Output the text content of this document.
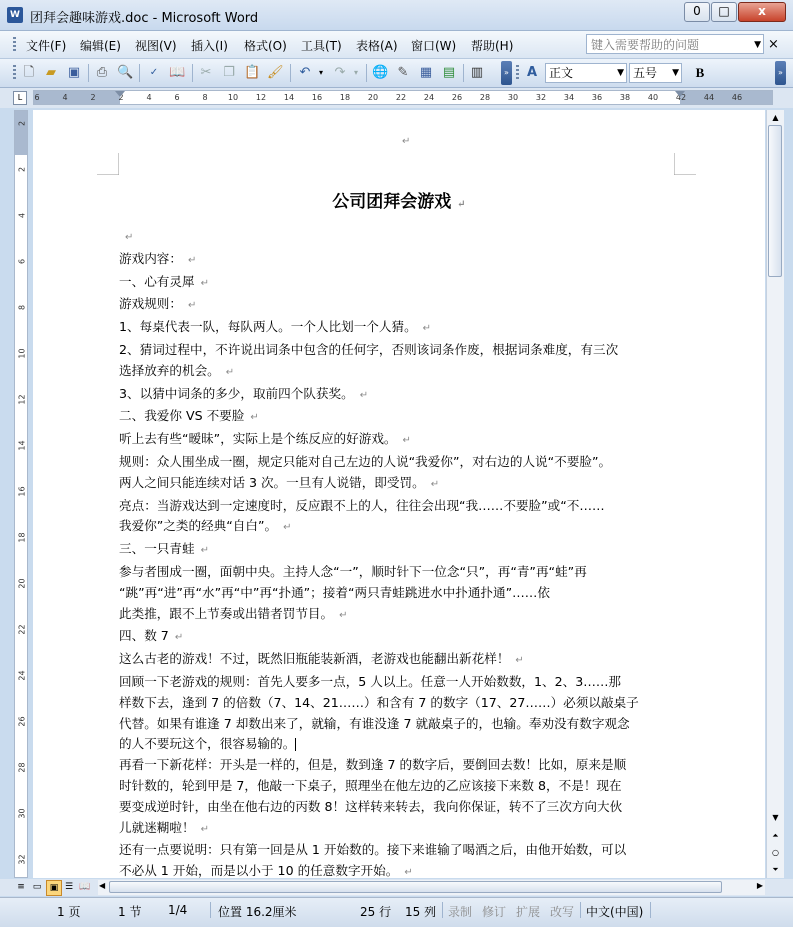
W 团拜会趣味游戏.doc - Microsoft Word	0	□	x
文件(F) 编辑(E) 视图(V) 插入(I) 格式(O) 工具(T) 表格(A) 窗口(W) 帮助(H)	键入需要帮助的问题	▼ ×
🗋 ▰ ▣ ⎙ 🔍	✓ 📖 ✂ ❐ 📋 🖌 ↶	▾ ↷	▾	🌐 ✎ ▦ ▤ ▥	» A 正文	▼ 五号 ▼ B	»
L	6	4	2	2	4	6	8	10 12 14 16 18 20 22 24 26 28 30 32 34 36 38 40 42 44 46
2
2
4
6
8
10
12
14
16
18
20
22
24
26
28
30
32
↵
公司团拜会游戏 ↵
↵
游戏内容： ↵
一、心有灵犀 ↵
游戏规则： ↵
1、每桌代表一队，每队两人。一个人比划一个人猜。 ↵
2、猜词过程中，不许说出词条中包含的任何字，否则该词条作废，根据词条难度，有三次
选择放弃的机会。 ↵
3、以猜中词条的多少，取前四个队获奖。 ↵
二、我爱你 VS 不要脸 ↵
听上去有些“暧昧”，实际上是个练反应的好游戏。 ↵
规则：众人围坐成一圈，规定只能对自己左边的人说“我爱你”，对右边的人说“不要脸”。
两人之间只能连续对话 3 次。一旦有人说错，即受罚。 ↵
亮点：当游戏达到一定速度时，反应跟不上的人，往往会出现“我……不要脸”或“不……
我爱你”之类的经典“自白”。 ↵
三、一只青蛙 ↵
参与者围成一圈，面朝中央。主持人念“一”，顺时针下一位念“只”，再“青”再“蛙”再
“跳”再“进”再“水”再“中”再“扑通”；接着“两只青蛙跳进水中扑通扑通”……依
此类推，跟不上节奏或出错者罚节目。 ↵
四、数 7 ↵
这么古老的游戏！不过，既然旧瓶能装新酒，老游戏也能翻出新花样！ ↵
回顾一下老游戏的规则：首先人要多一点，5 人以上。任意一人开始数数，1、2、3……那
样数下去，逢到 7 的倍数（7、14、21……）和含有 7 的数字（17、27……）必须以敲桌子
代替。如果有谁逢 7 却数出来了，就输，有谁没逢 7 就敲桌子的，也输。奉劝没有数字观念
的人不要玩这个，很容易输的。
再看一下新花样：开头是一样的，但是，数到逢 7 的数字后，要倒回去数！比如，原来是顺
时针数的，轮到甲是 7，他敲一下桌子，照理坐在他左边的乙应该接下来数 8，不是！现在
要变成逆时针，由坐在他右边的丙数 8！这样转来转去，我向你保证，转不了三次方向大伙
儿就迷糊啦！ ↵
还有一点要说明：只有第一回是从 1 开始数的。接下来谁输了喝酒之后，由他开始数，可以
不必从 1 开始，而是以小于 10 的任意数字开始。 ↵
▲
▼
⏶
○
⏷
≡ ▭ ▣ ☰ 📖 ◀	▶
1 页	1 节 1/4	位置 16.2厘米	25 行 15 列 录制 修订 扩展 改写 中文(中国)
